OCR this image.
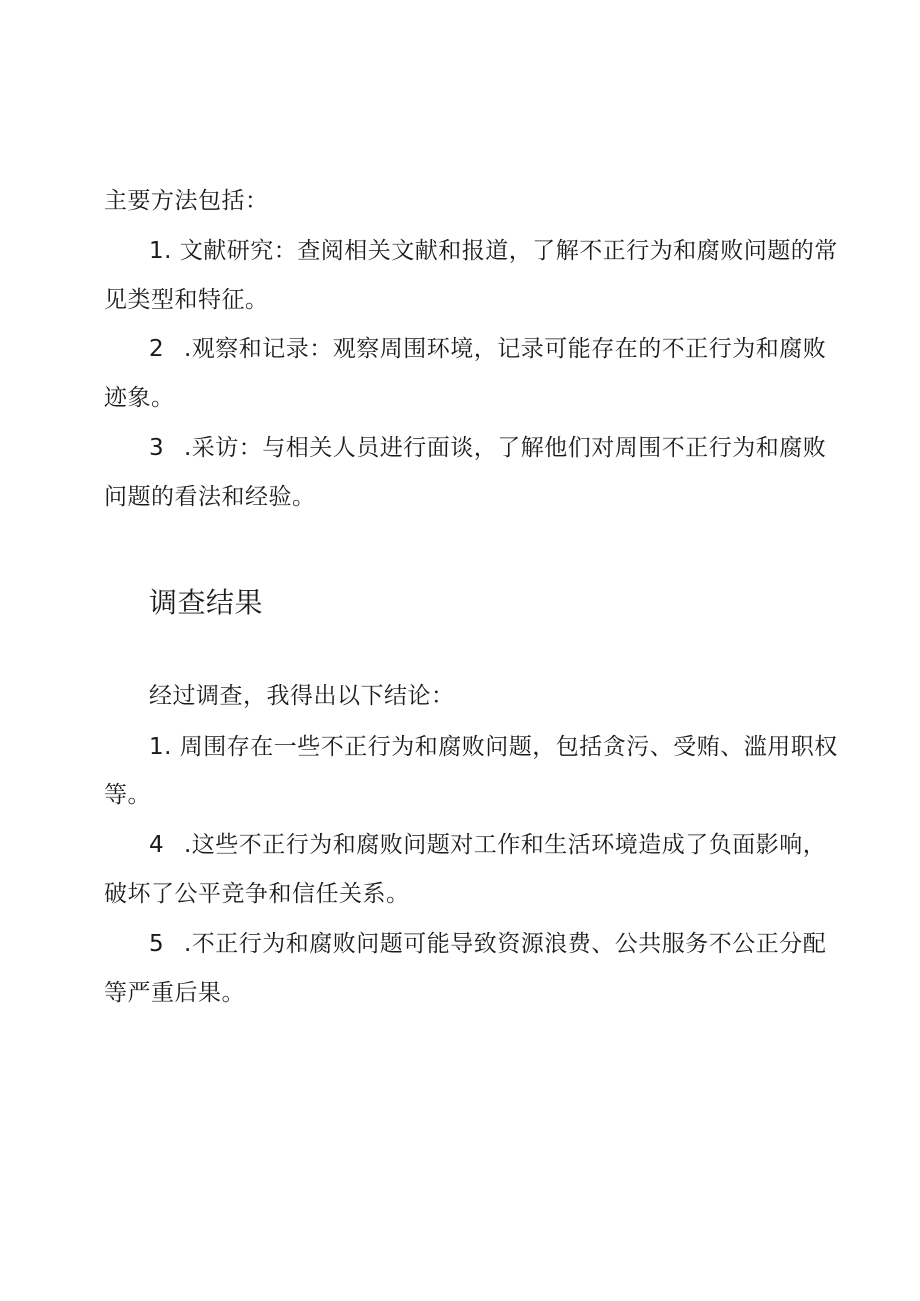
主要方法包括：
1. 文献研究：查阅相关文献和报道，了解不正行为和腐败问题的常
见类型和特征。
2 .观察和记录：观察周围环境，记录可能存在的不正行为和腐败
迹象。
3 .采访：与相关人员进行面谈，了解他们对周围不正行为和腐败
问题的看法和经验。
调查结果
经过调查，我得出以下结论：
1. 周围存在一些不正行为和腐败问题，包括贪污、受贿、滥用职权
等。
4 .这些不正行为和腐败问题对工作和生活环境造成了负面影响，
破坏了公平竞争和信任关系。
5 .不正行为和腐败问题可能导致资源浪费、公共服务不公正分配
等严重后果。
